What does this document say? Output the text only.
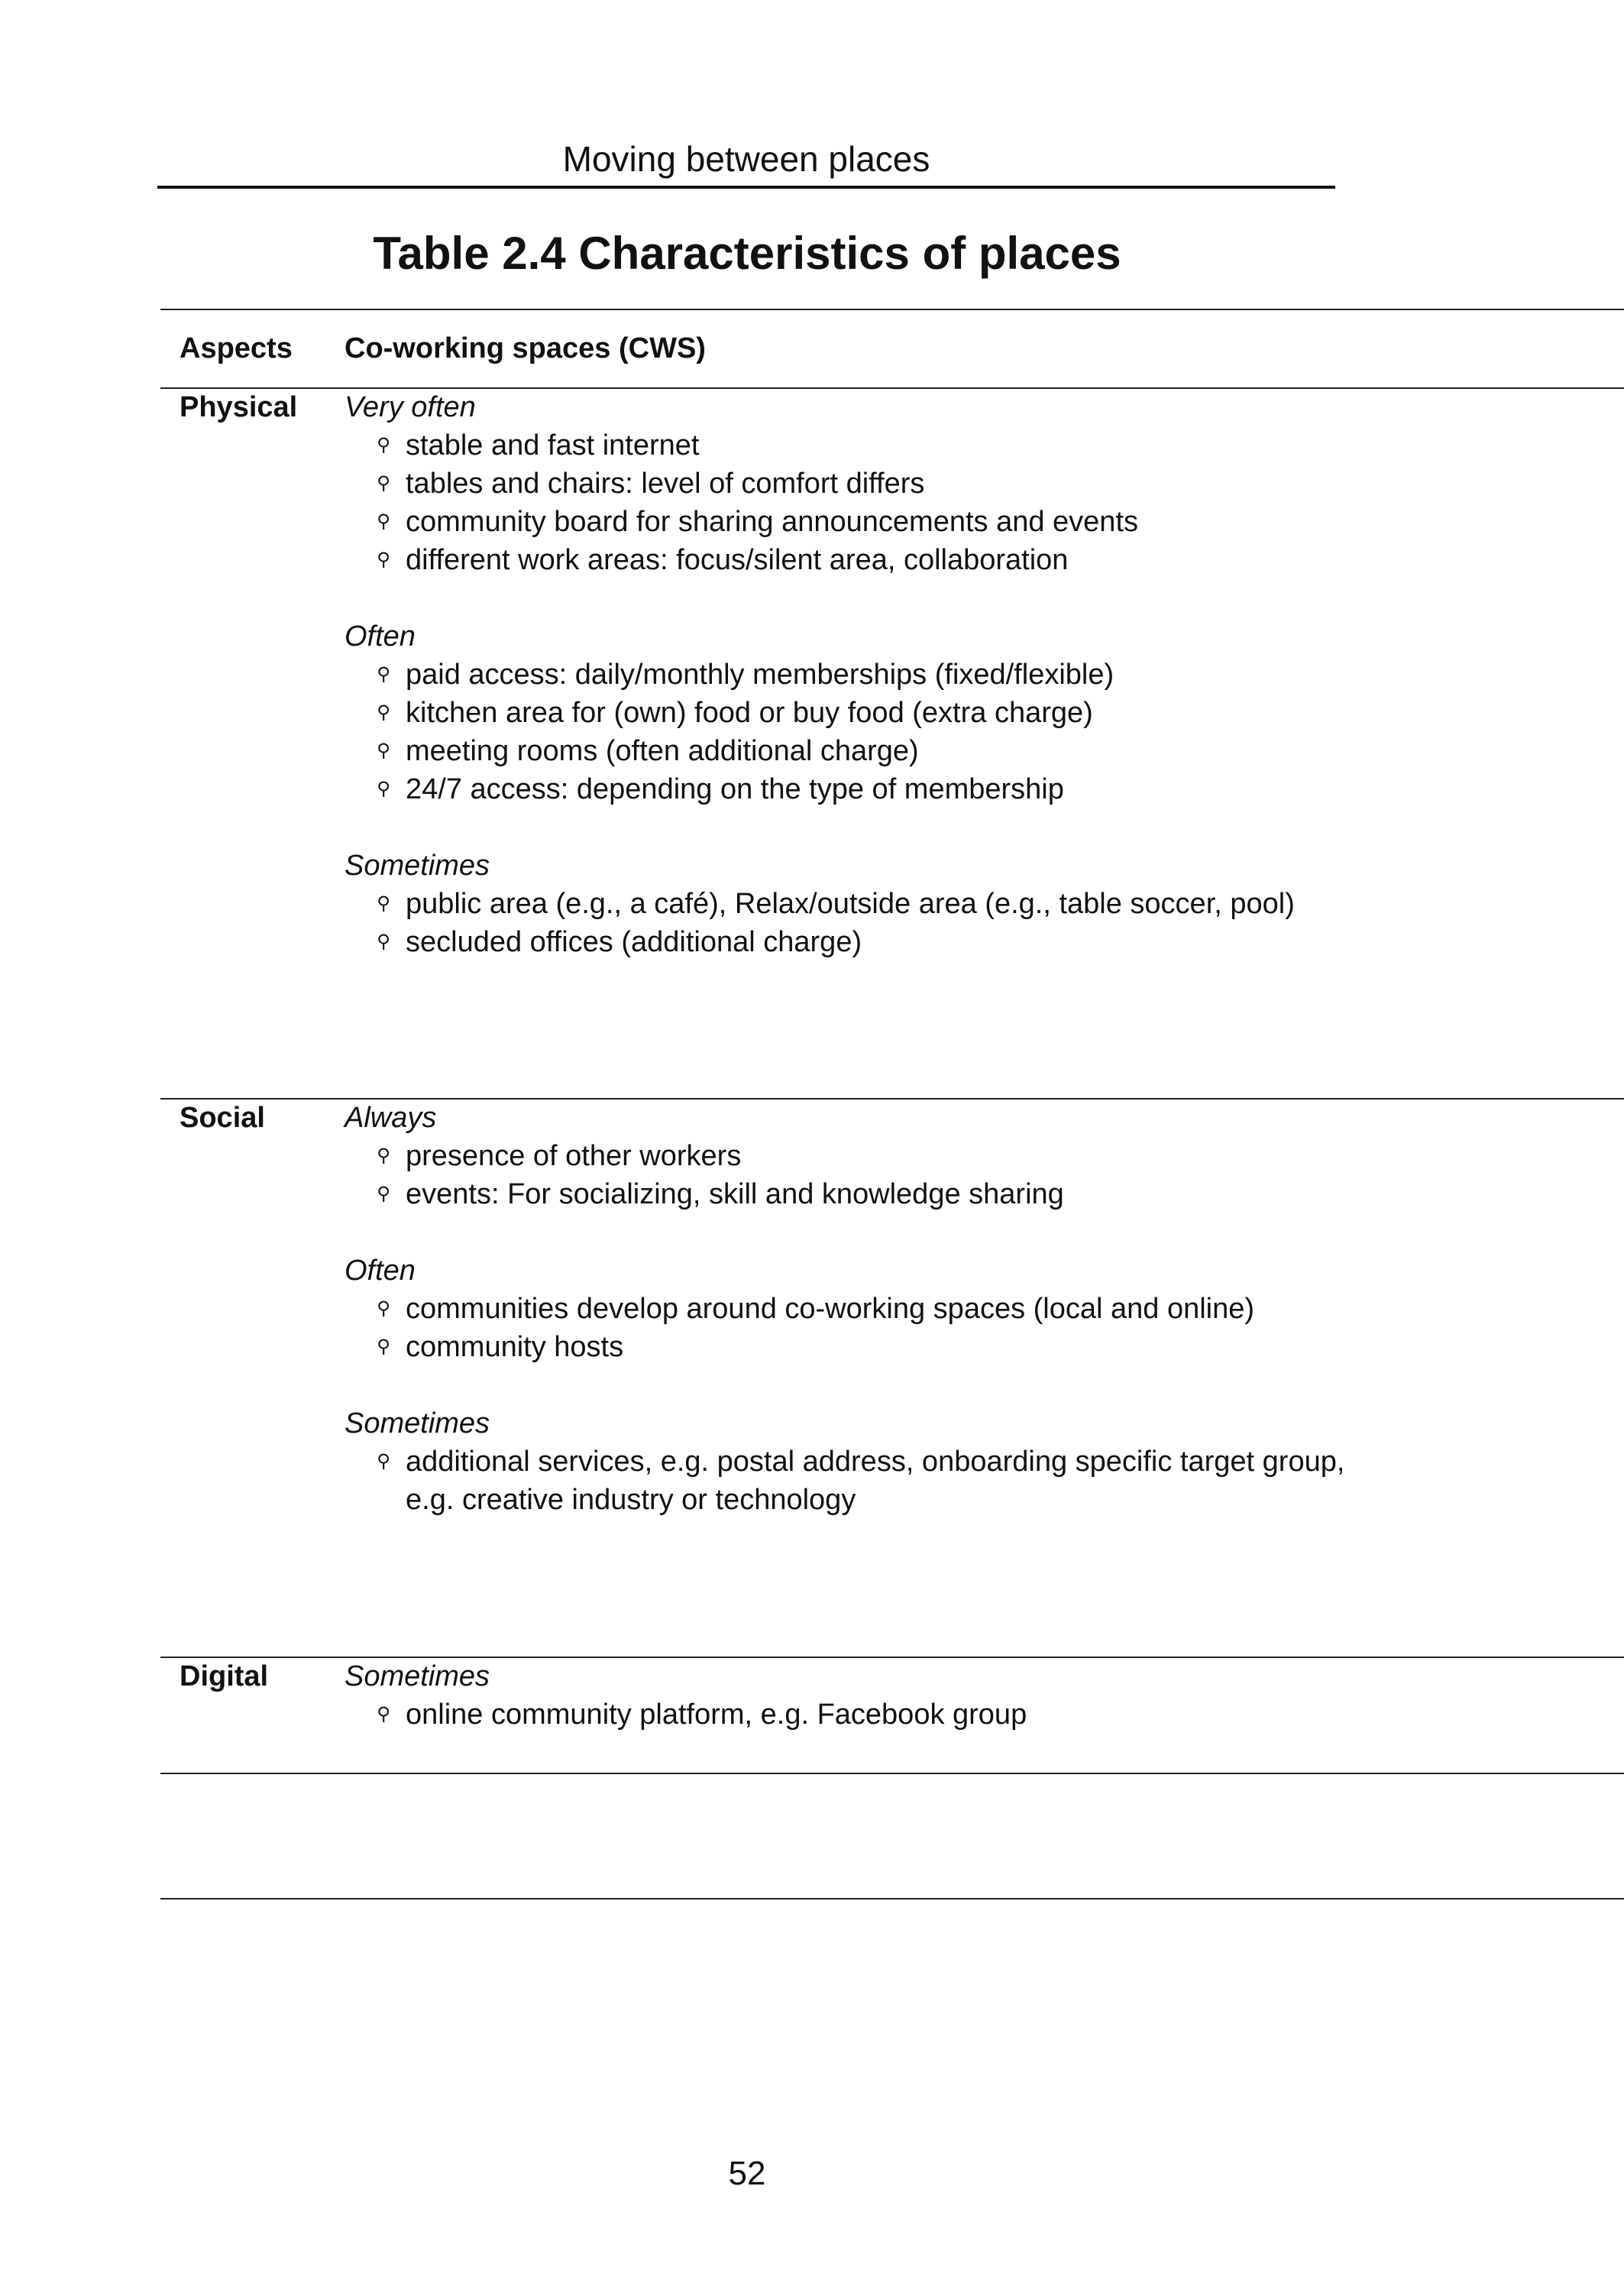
Moving between places
Table 2.4 Characteristics of places
Aspects Co-working spaces (CWS)
Physical Very often
⚲ stable and fast internet
⚲ tables and chairs: level of comfort differs
⚲ community board for sharing announcements and events
⚲ different work areas: focus/silent area, collaboration
Often
⚲ paid access: daily/monthly memberships (fixed/flexible)
⚲ kitchen area for (own) food or buy food (extra charge)
⚲ meeting rooms (often additional charge)
⚲ 24/7 access: depending on the type of membership
Sometimes
⚲ public area (e.g., a café), Relax/outside area (e.g., table soccer, pool)
⚲ secluded offices (additional charge)
Social	Always
⚲ presence of other workers
⚲ events: For socializing, skill and knowledge sharing
Often
⚲ communities develop around co-working spaces (local and online)
⚲ community hosts
Sometimes
⚲ additional services, e.g. postal address, onboarding specific target group,
e.g. creative industry or technology
Digital	Sometimes
⚲ online community platform, e.g. Facebook group
52
